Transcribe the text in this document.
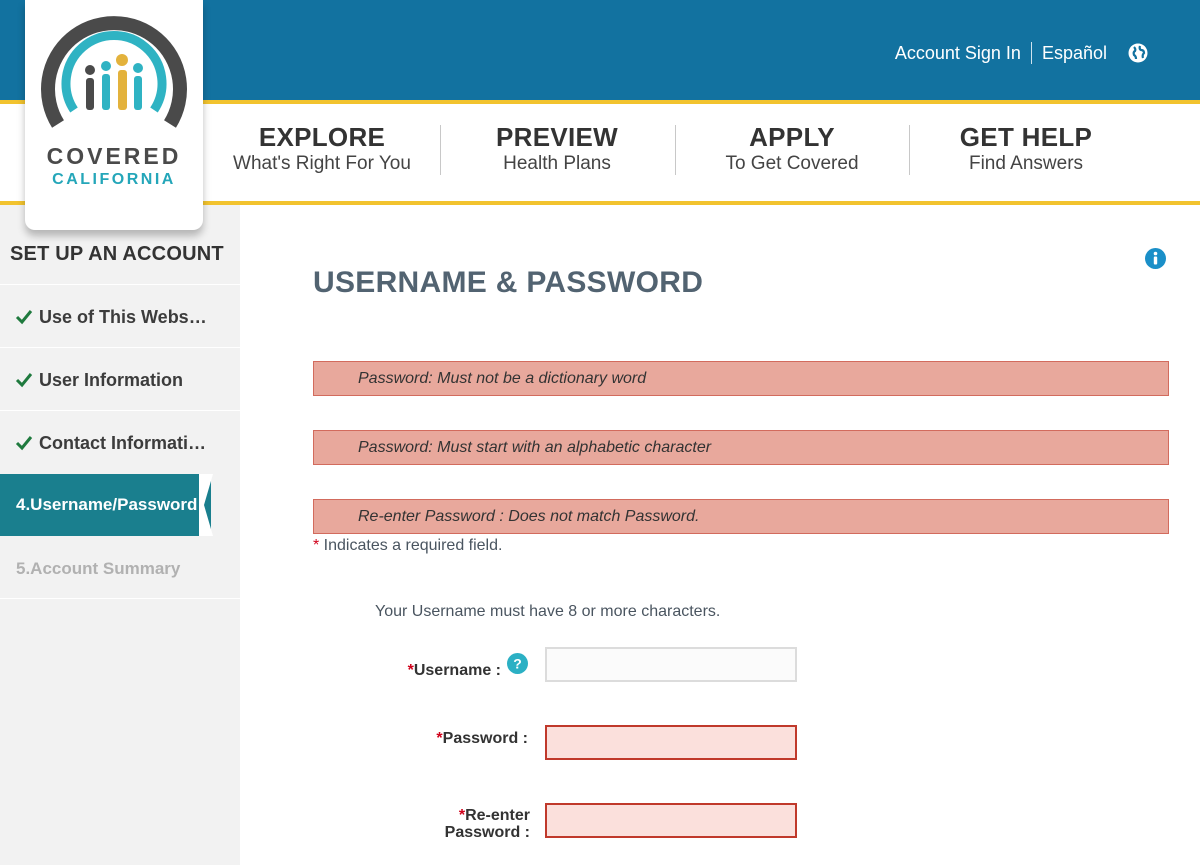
Account Sign In Español
EXPLORE
What's Right For You
PREVIEW
Health Plans
APPLY
To Get Covered
GET HELP
Find Answers
COVERED
CALIFORNIA
SET UP AN ACCOUNT
Use of This Webs…
User Information
Contact Informati…
4.Username/Password
5.Account Summary
USERNAME & PASSWORD
Password: Must not be a dictionary word
Password: Must start with an alphabetic character
Re-enter Password : Does not match Password.
* Indicates a required field.
Your Username must have 8 or more characters.
*Username : ?
*Password :
*Re-enter
Password :
